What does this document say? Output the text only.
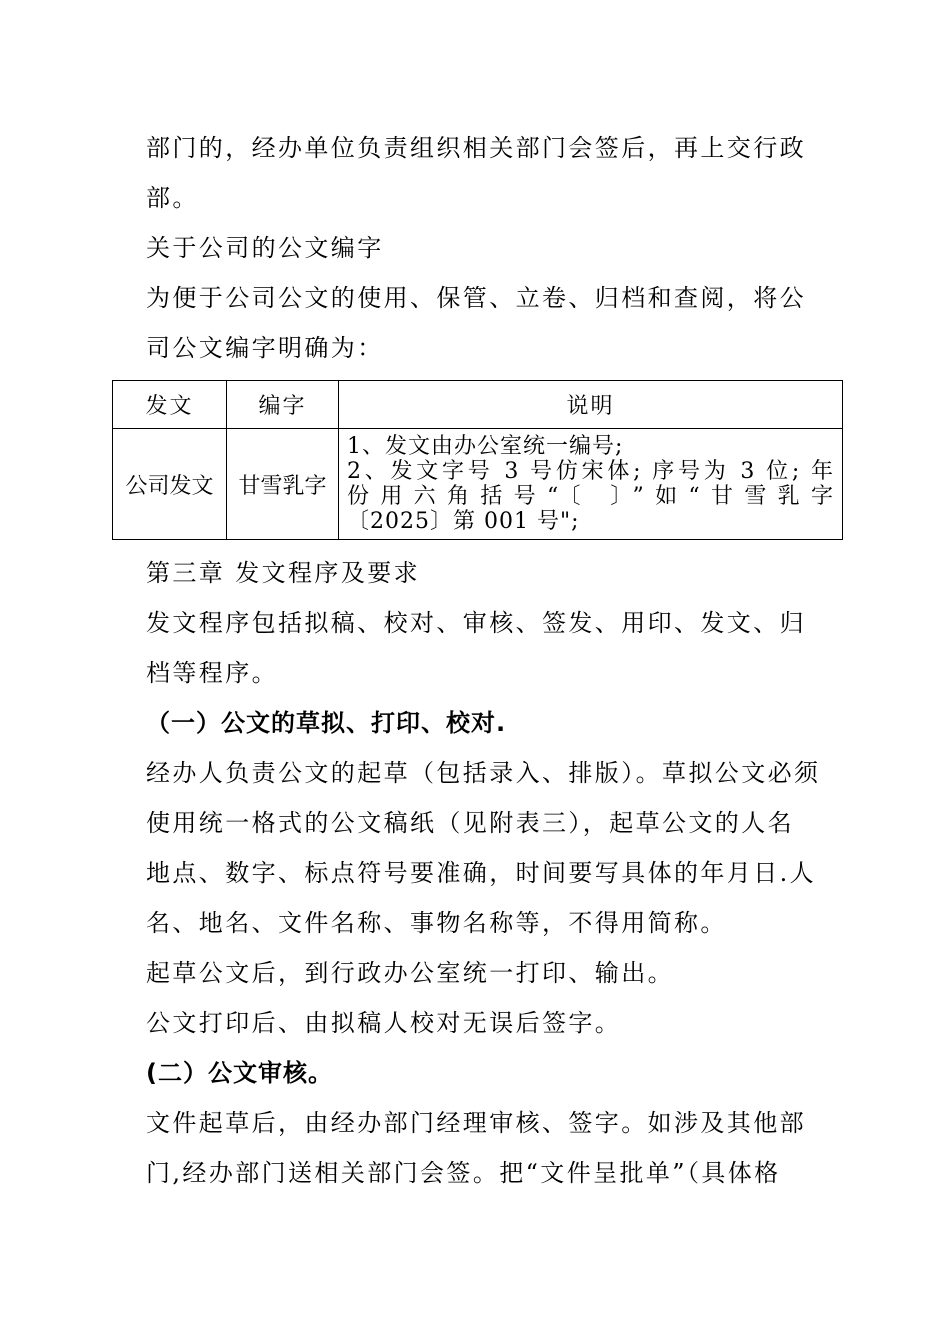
部门的，经办单位负责组织相关部门会签后，再上交行政
部。
关于公司的公文编字
为便于公司公文的使用、保管、立卷、归档和查阅，将公
司公文编字明确为：
发文	编字	说明
公司发文	甘雪乳字	1、发文由办公室统一编号;
2、发文字号 3 号仿宋体; 序号为 3 位; 年
份用六角括号“〔 〕”如“甘雪乳字
〔2025〕第 001 号";
第三章 发文程序及要求
发文程序包括拟稿、校对、审核、签发、用印、发文、归
档等程序。
（一）公文的草拟、打印、校对.
经办人负责公文的起草（包括录入、排版）。草拟公文必须
使用统一格式的公文稿纸（见附表三），起草公文的人名
地点、数字、标点符号要准确，时间要写具体的年月日.人
名、地名、文件名称、事物名称等，不得用简称。
起草公文后，到行政办公室统一打印、输出。
公文打印后、由拟稿人校对无误后签字。
(二）公文审核。
文件起草后，由经办部门经理审核、签字。如涉及其他部
门,经办部门送相关部门会签。把“文件呈批单”（具体格
